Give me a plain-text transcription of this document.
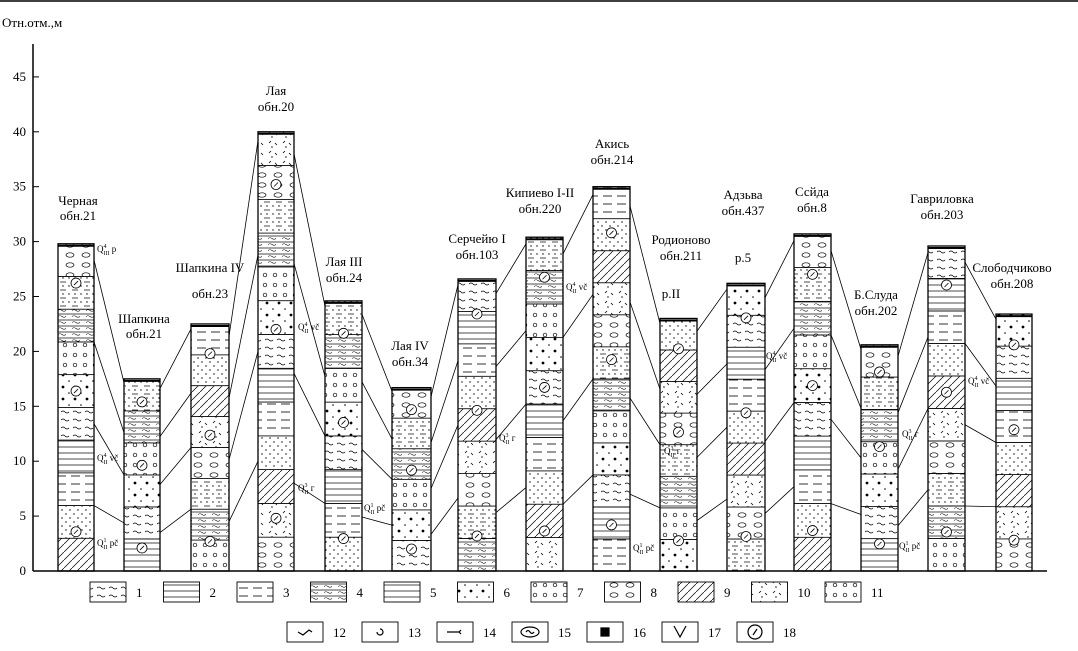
Отн.отм.,м
0
5
10
15
20
25
30
35
40
45
Черная
обн.21
Шапкина
обн.21
Шапкина IV
обн.23
Лая
обн.20
Лая III
обн.24
Лая IV
обн.34
Серчейю I
обн.103
Кипиево I-II
обн.220
Акись
обн.214
Родионово
обн.211
р.II
Адзьва
обн.437
р.5
Ссйда
обн.8
Б.Слуда
обн.202
Гавриловка
обн.203
Слободчиково
обн.208
$Q^4$ III p
$Q^4$ II vč
$Q^1$ II pč
$Q^4$ II vč
$Q^3$ II г
$Q^1$ II pč
$Q^3$ II г
$Q^4$ II vč
$Q^1$ II pč
$Q^3$ II г
$Q^4$ II vč
$Q^3$ II г
$Q^1$ II pč
$Q^4$ II vč
1	2	3	4	5	6	7	8	9	10	11
12	13	14	15	16	17	18
